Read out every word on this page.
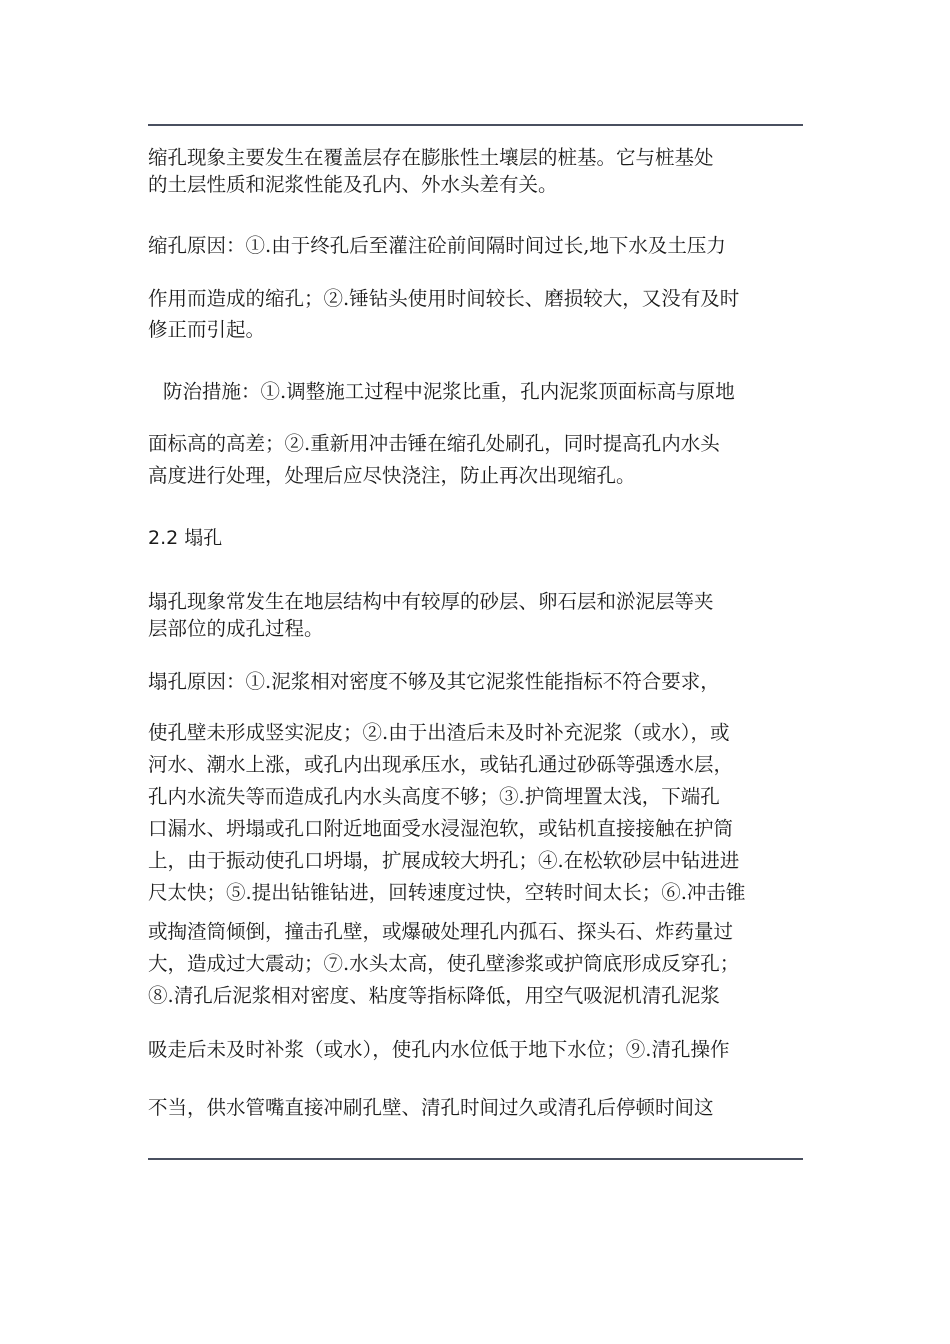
缩孔现象主要发生在覆盖层存在膨胀性土壤层的桩基。它与桩基处
的土层性质和泥浆性能及孔内、外水头差有关。
缩孔原因：①.由于终孔后至灌注砼前间隔时间过长,地下水及土压力
作用而造成的缩孔；②.锤钻头使用时间较长、磨损较大，又没有及时
修正而引起。
防治措施：①.调整施工过程中泥浆比重，孔内泥浆顶面标高与原地
面标高的高差；②.重新用冲击锤在缩孔处刷孔，同时提高孔内水头
高度进行处理，处理后应尽快浇注，防止再次出现缩孔。
2.2 塌孔
塌孔现象常发生在地层结构中有较厚的砂层、卵石层和淤泥层等夹
层部位的成孔过程。
塌孔原因：①.泥浆相对密度不够及其它泥浆性能指标不符合要求，
使孔壁未形成竖实泥皮；②.由于出渣后未及时补充泥浆（或水），或
河水、潮水上涨，或孔内出现承压水，或钻孔通过砂砾等强透水层，
孔内水流失等而造成孔内水头高度不够；③.护筒埋置太浅，下端孔
口漏水、坍塌或孔口附近地面受水浸湿泡软，或钻机直接接触在护筒
上，由于振动使孔口坍塌，扩展成较大坍孔；④.在松软砂层中钻进进
尺太快；⑤.提出钻锥钻进，回转速度过快，空转时间太长；⑥.冲击锥
或掏渣筒倾倒，撞击孔壁，或爆破处理孔内孤石、探头石、炸药量过
大，造成过大震动；⑦.水头太高，使孔壁渗浆或护筒底形成反穿孔；
⑧.清孔后泥浆相对密度、粘度等指标降低，用空气吸泥机清孔泥浆
吸走后未及时补浆（或水），使孔内水位低于地下水位；⑨.清孔操作
不当，供水管嘴直接冲刷孔壁、清孔时间过久或清孔后停顿时间这
